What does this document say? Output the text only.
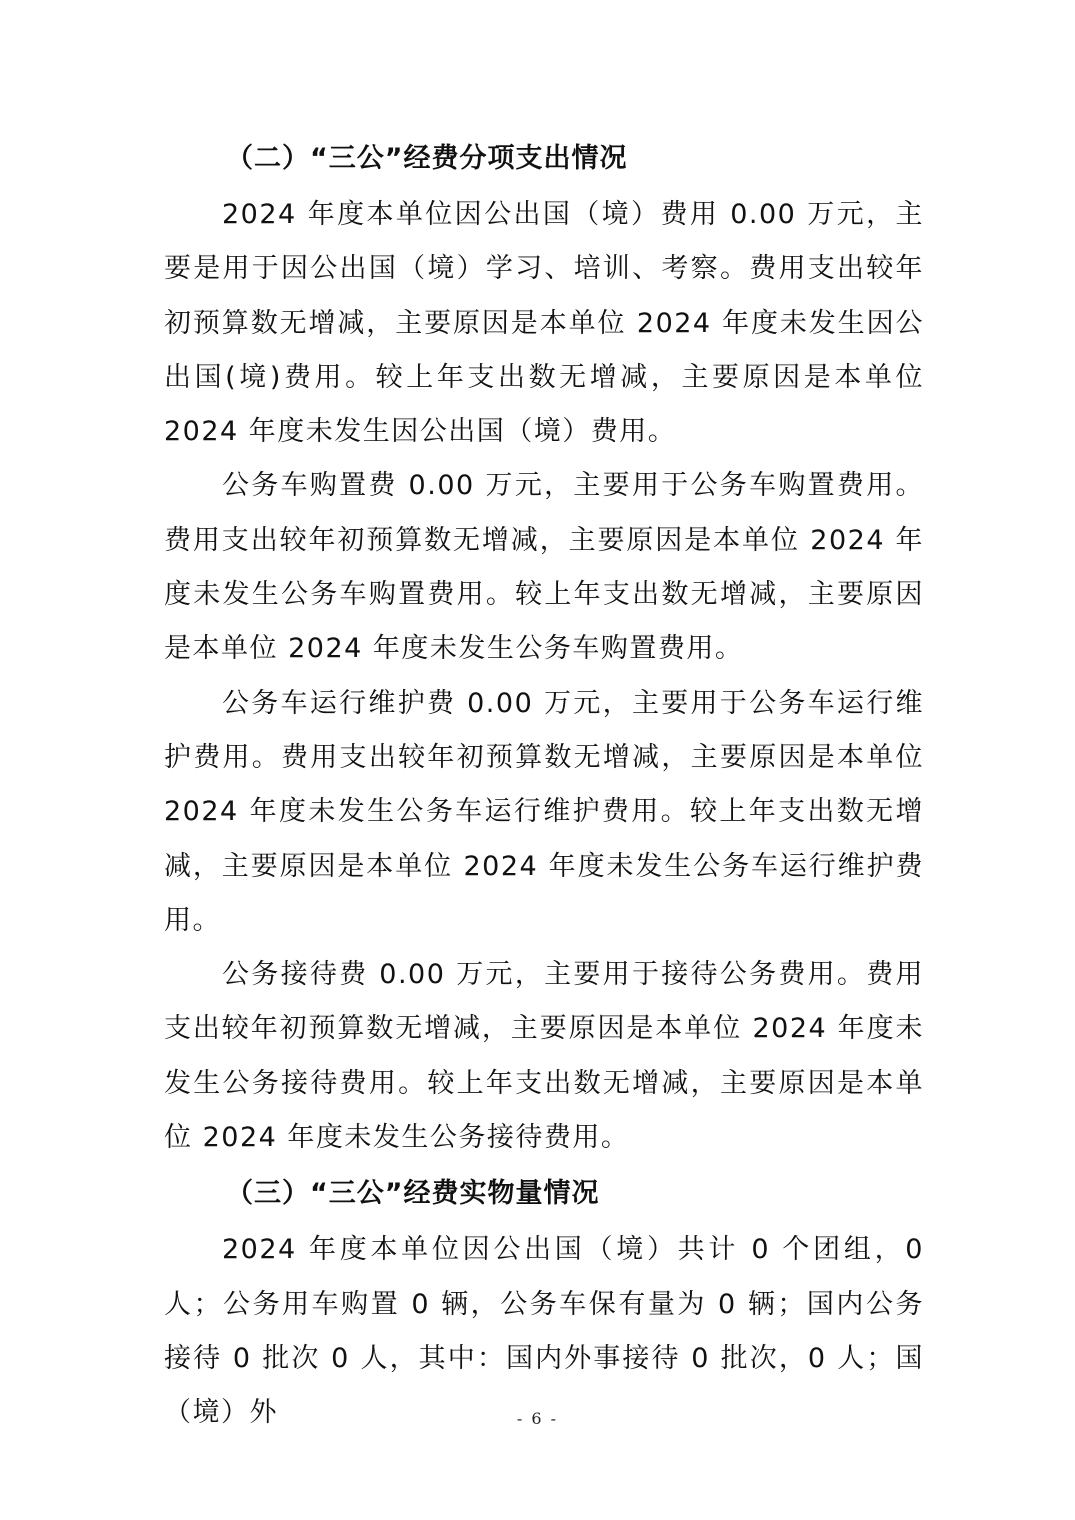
（二）“三公”经费分项支出情况

2024 年度本单位因公出国（境）费用 0.00 万元，主要是用于因公出国（境）学习、培训、考察。费用支出较年初预算数无增减，主要原因是本单位 2024 年度未发生因公出国(境)费用。较上年支出数无增减，主要原因是本单位 2024 年度未发生因公出国（境）费用。

公务车购置费 0.00 万元，主要用于公务车购置费用。费用支出较年初预算数无增减，主要原因是本单位 2024 年度未发生公务车购置费用。较上年支出数无增减，主要原因是本单位 2024 年度未发生公务车购置费用。

公务车运行维护费 0.00 万元，主要用于公务车运行维护费用。费用支出较年初预算数无增减，主要原因是本单位 2024 年度未发生公务车运行维护费用。较上年支出数无增减，主要原因是本单位 2024 年度未发生公务车运行维护费用。

公务接待费 0.00 万元，主要用于接待公务费用。费用支出较年初预算数无增减，主要原因是本单位 2024 年度未发生公务接待费用。较上年支出数无增减，主要原因是本单位 2024 年度未发生公务接待费用。

（三）“三公”经费实物量情况

2024 年度本单位因公出国（境）共计 0 个团组，0 人；公务用车购置 0 辆，公务车保有量为 0 辆；国内公务接待 0 批次 0 人，其中：国内外事接待 0 批次，0 人；国（境）外	- 6 -
